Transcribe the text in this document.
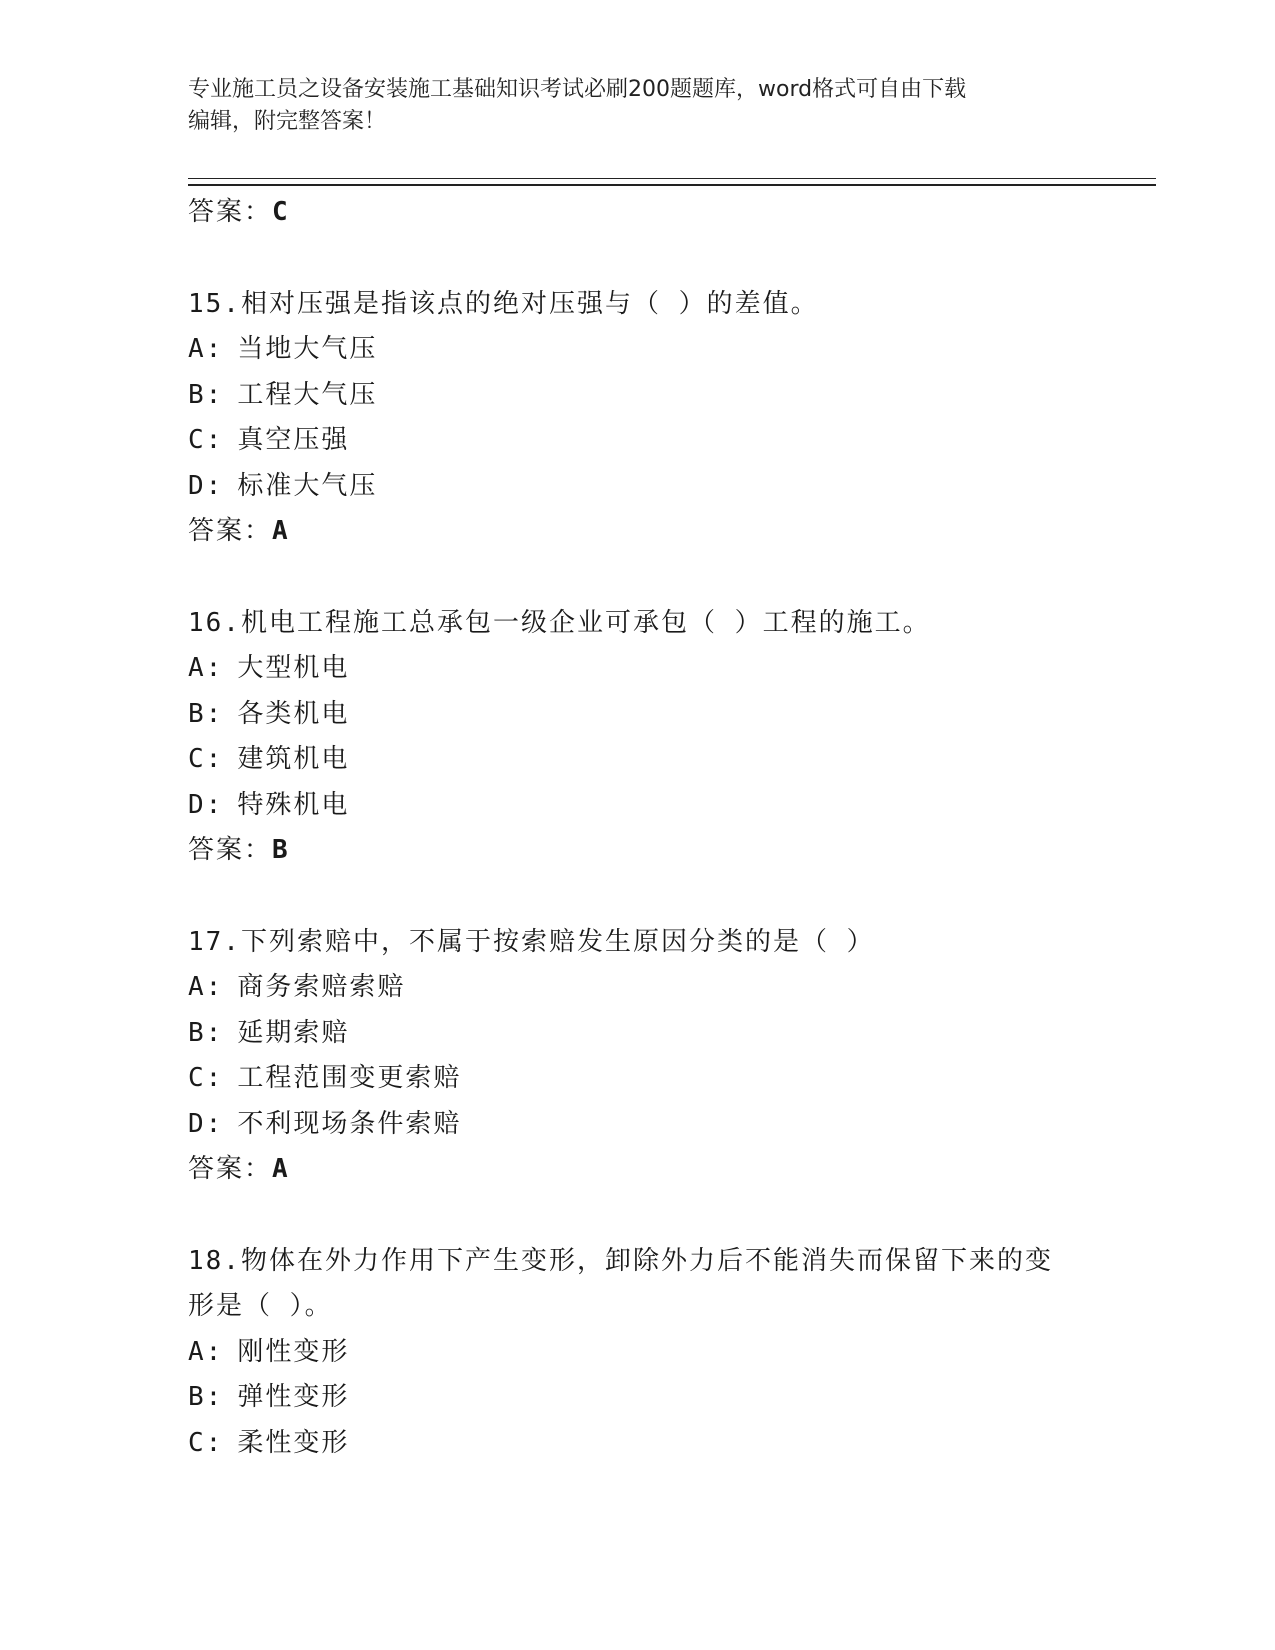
专业施工员之设备安装施工基础知识考试必刷200题题库，word格式可自由下载
编辑，附完整答案！
答案：C
15.相对压强是指该点的绝对压强与（ ）的差值。
A: 当地大气压
B: 工程大气压
C: 真空压强
D: 标准大气压
答案：A
16.机电工程施工总承包一级企业可承包（ ）工程的施工。
A: 大型机电
B: 各类机电
C: 建筑机电
D: 特殊机电
答案：B
17.下列索赔中，不属于按索赔发生原因分类的是（ ）
A: 商务索赔索赔
B: 延期索赔
C: 工程范围变更索赔
D: 不利现场条件索赔
答案：A
18.物体在外力作用下产生变形，卸除外力后不能消失而保留下来的变
形是（ ）。
A: 刚性变形
B: 弹性变形
C: 柔性变形
